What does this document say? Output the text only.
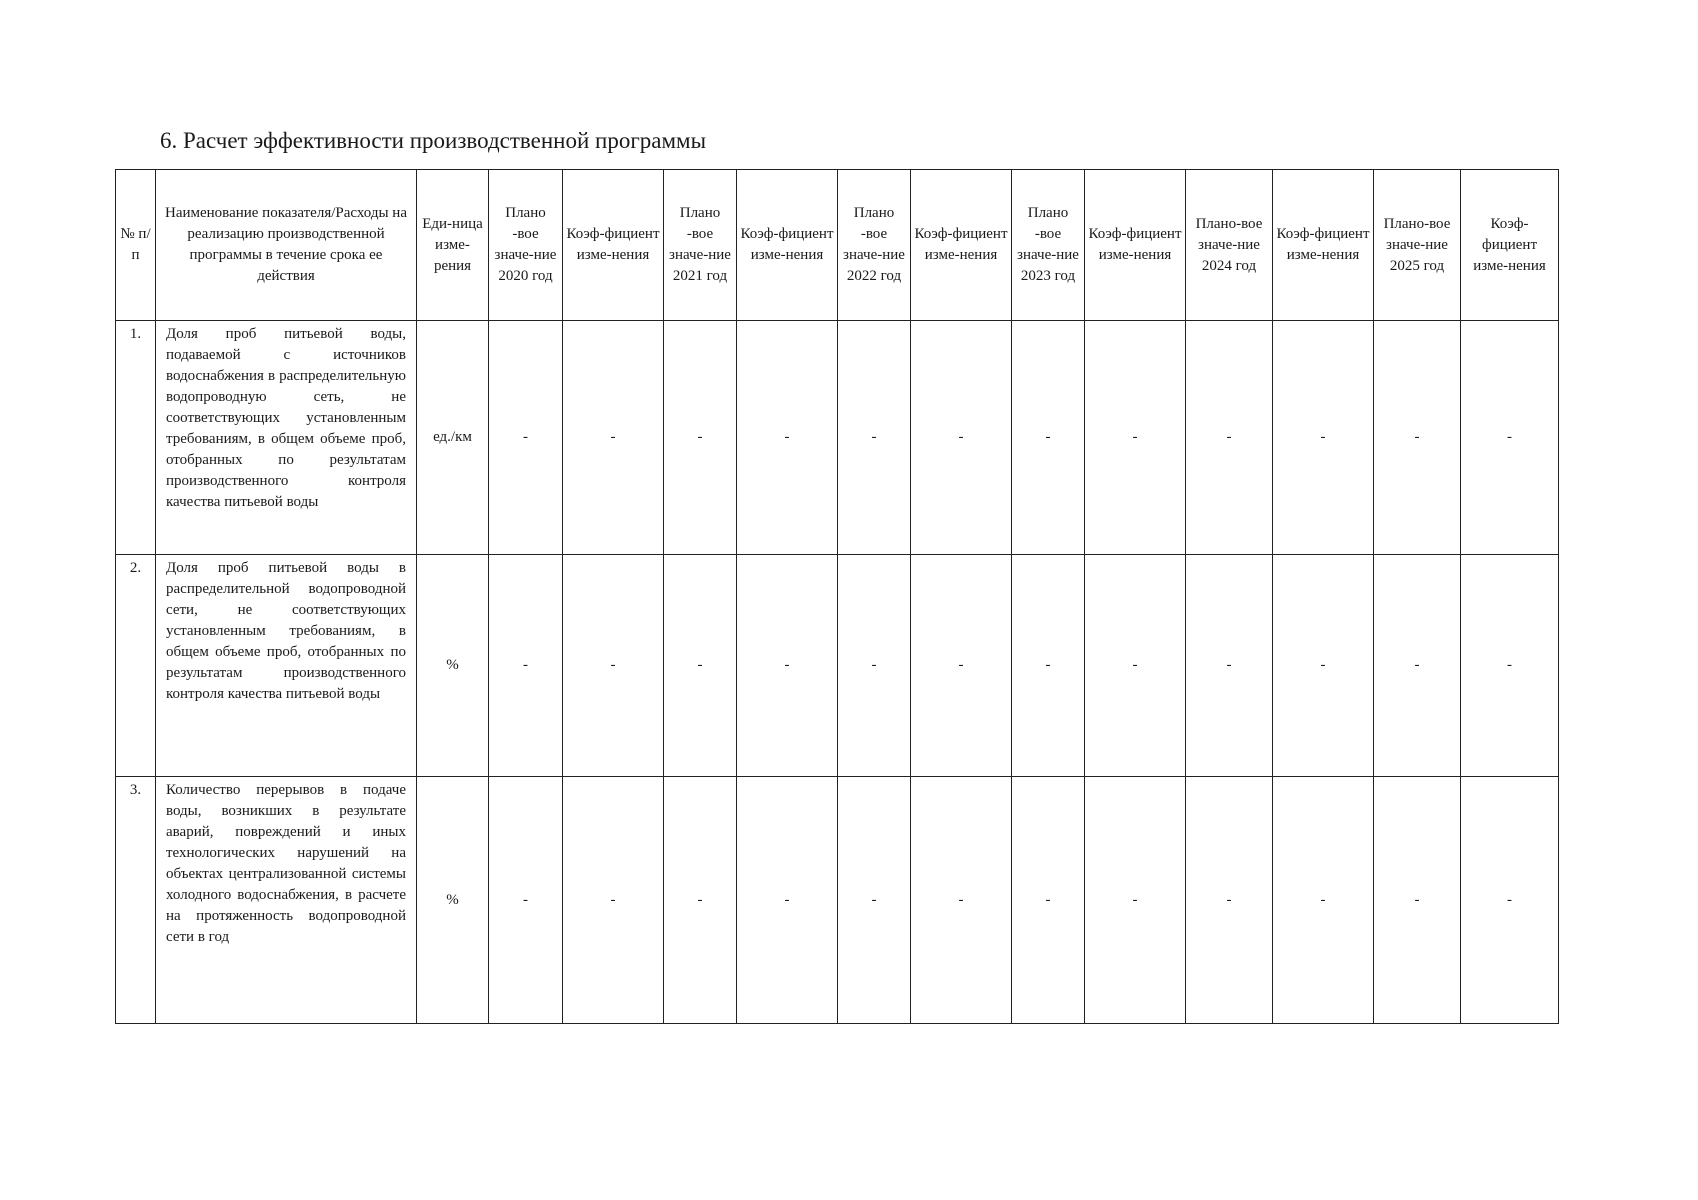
6. Расчет эффективности производственной программы
№ п/ п	Наименование показателя/Расходы на реализацию производственной программы в течение срока ее действия	Еди-ница изме-рения	Плано -вое значе-ние 2020 год	Коэф-фициент изме-нения	Плано -вое значе-ние 2021 год	Коэф-фициент изме-нения	Плано -вое значе-ние 2022 год	Коэф-фициент изме-нения	Плано -вое значе-ние 2023 год	Коэф-фициент изме-нения	Плано-вое значе-ние 2024 год	Коэф-фициент изме-нения	Плано-вое значе-ние 2025 год	Коэф-фициент изме-нения
1.	Доля проб питьевой воды, подаваемой с источников водоснабжения в распределительную водопроводную сеть, не соответствующих установленным требованиям, в общем объеме проб, отобранных по результатам производственного контроля качества питьевой воды	ед./км	-	-	-	-	-	-	-	-	-	-	-	-
2.	Доля проб питьевой воды в распределительной водопроводной сети, не соответствующих установленным требованиям, в общем объеме проб, отобранных по результатам производственного контроля качества питьевой воды	%	-	-	-	-	-	-	-	-	-	-	-	-
3.	Количество перерывов в подаче воды, возникших в результате аварий, повреждений и иных технологических нарушений на объектах централизованной системы холодного водоснабжения, в расчете на протяженность водопроводной сети в год	%	-	-	-	-	-	-	-	-	-	-	-	-
